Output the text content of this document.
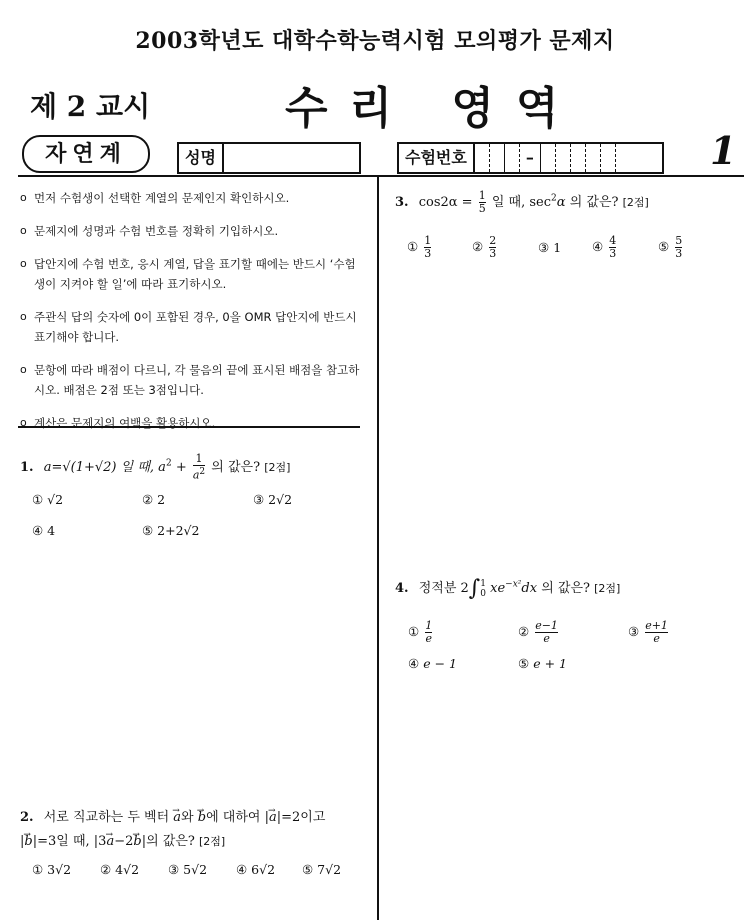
2003학년도 대학수학능력시험 모의평가 문제지
제 2 교시	수리 영역
자연계	성명	수험번호	–	1
o 먼저 수험생이 선택한 계열의 문제인지 확인하시오.
o 문제지에 성명과 수험 번호를 정확히 기입하시오.
o 답안지에 수험 번호, 응시 계열, 답을 표기할 때에는 반드시 ‘수험생이 지켜야 할 일’에 따라 표기하시오.
o 주관식 답의 숫자에 0이 포함된 경우, 0을 OMR 답안지에 반드시 표기해야 합니다.
o 문항에 따라 배점이 다르니, 각 물음의 끝에 표시된 배점을 참고하시오. 배점은 2점 또는 3점입니다.
o 계산은 문제지의 여백을 활용하시오.
1. a=√(1+√2) 일 때, $a^2 + \frac{1}{a^2}$ 의 값은? [2점]
① √2	② 2	③ 2√2
④ 4	⑤ 2+2√2
2. 서로 직교하는 두 벡터 a →와 b →에 대하여 |a →|=2이고
|b →|=3일 때, |3a →−2b →|의 값은? [2점]
① 3√2 ② 4√2 ③ 5√2 ④ 6√2 ⑤ 7√2
3. $\cos 2\alpha = \frac{1}{5}$ 일 때, $\sec^2\alpha$ 의 값은? [2점]
① $\frac{1}{3}$	② $\frac{2}{3}$	③ 1 ④ $\frac{4}{3}$	⑤ $\frac{5}{3}$
4. 정적분 2∫ 1
0 $xe^{-x^2}dx$ 의 값은? [2점]
① $\frac{1}{e}$	② $\frac{e-1}{e}$	③ $\frac{e+1}{e}$
④ e − 1	⑤ e + 1
